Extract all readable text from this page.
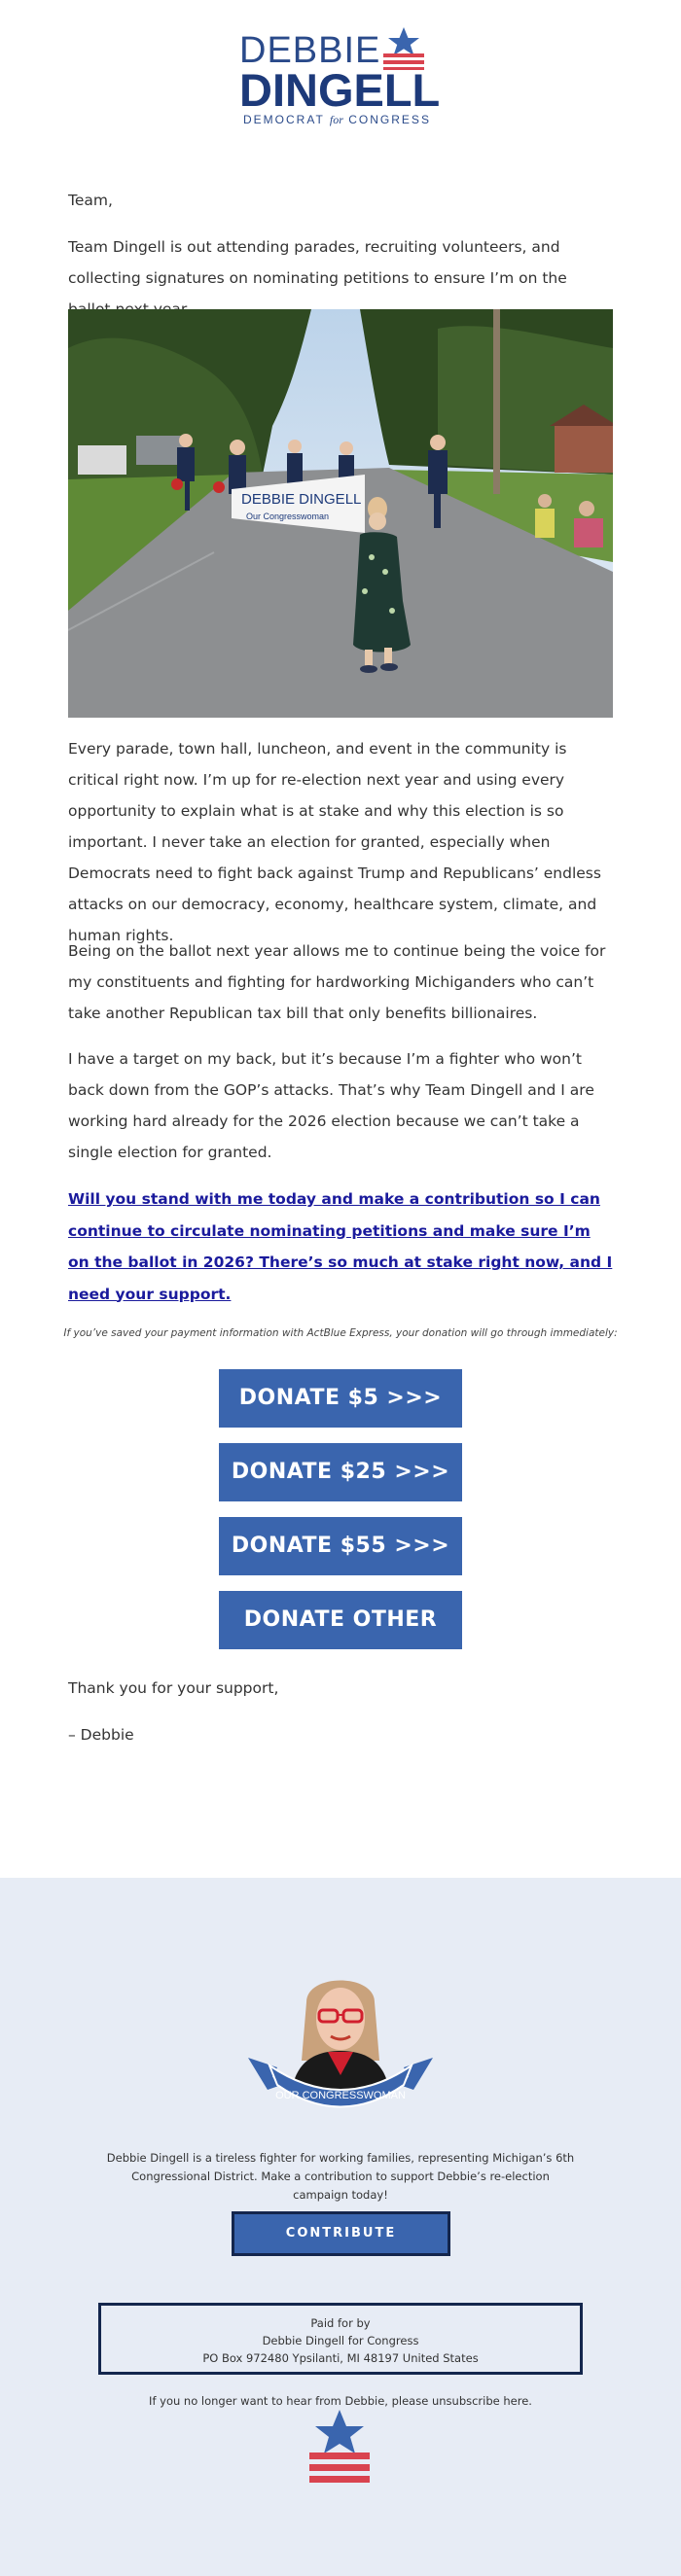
DEBBIE
DINGELL
DEMOCRAT for CONGRESS
Team,
Team Dingell is out attending parades, recruiting volunteers, and collecting signatures on nominating petitions to ensure I’m on the
DEBBIE DINGELL
Our Congresswoman
Every parade, town hall, luncheon, and event in the community is critical right now. I’m up for re-election next year and using every opportunity to explain what is at stake and why this election is so important. I never take an election for granted, especially when Democrats need to fight back against Trump and Republicans’ endless attacks on our democracy, economy, healthcare system, climate, and human rights.
Being on the ballot next year allows me to continue being the voice for my constituents and fighting for hardworking Michiganders who can’t take another Republican tax bill that only benefits billionaires.
I have a target on my back, but it’s because I’m a fighter who won’t back down from the GOP’s attacks. That’s why Team Dingell and I are working hard already for the 2026 election because we can’t take a single election for granted.
Will you stand with me today and make a contribution so I can continue to circulate nominating petitions and make sure I’m on the ballot in 2026? There’s so much at stake right now, and I need your support.
If you’ve saved your payment information with ActBlue Express, your donation will go through immediately:
DONATE $5 >>>
DONATE $25 >>>
DONATE $55 >>>
DONATE OTHER >>>
Thank you for your support,
– Debbie
OUR CONGRESSWOMAN
Debbie Dingell is a tireless fighter for working families, representing Michigan’s 6th Congressional District. Make a contribution to support Debbie’s re-election campaign today!
CONTRIBUTE
Paid for by
Debbie Dingell for Congress
PO Box 972480 Ypsilanti, MI 48197 United States
If you no longer want to hear from Debbie, please unsubscribe here.
